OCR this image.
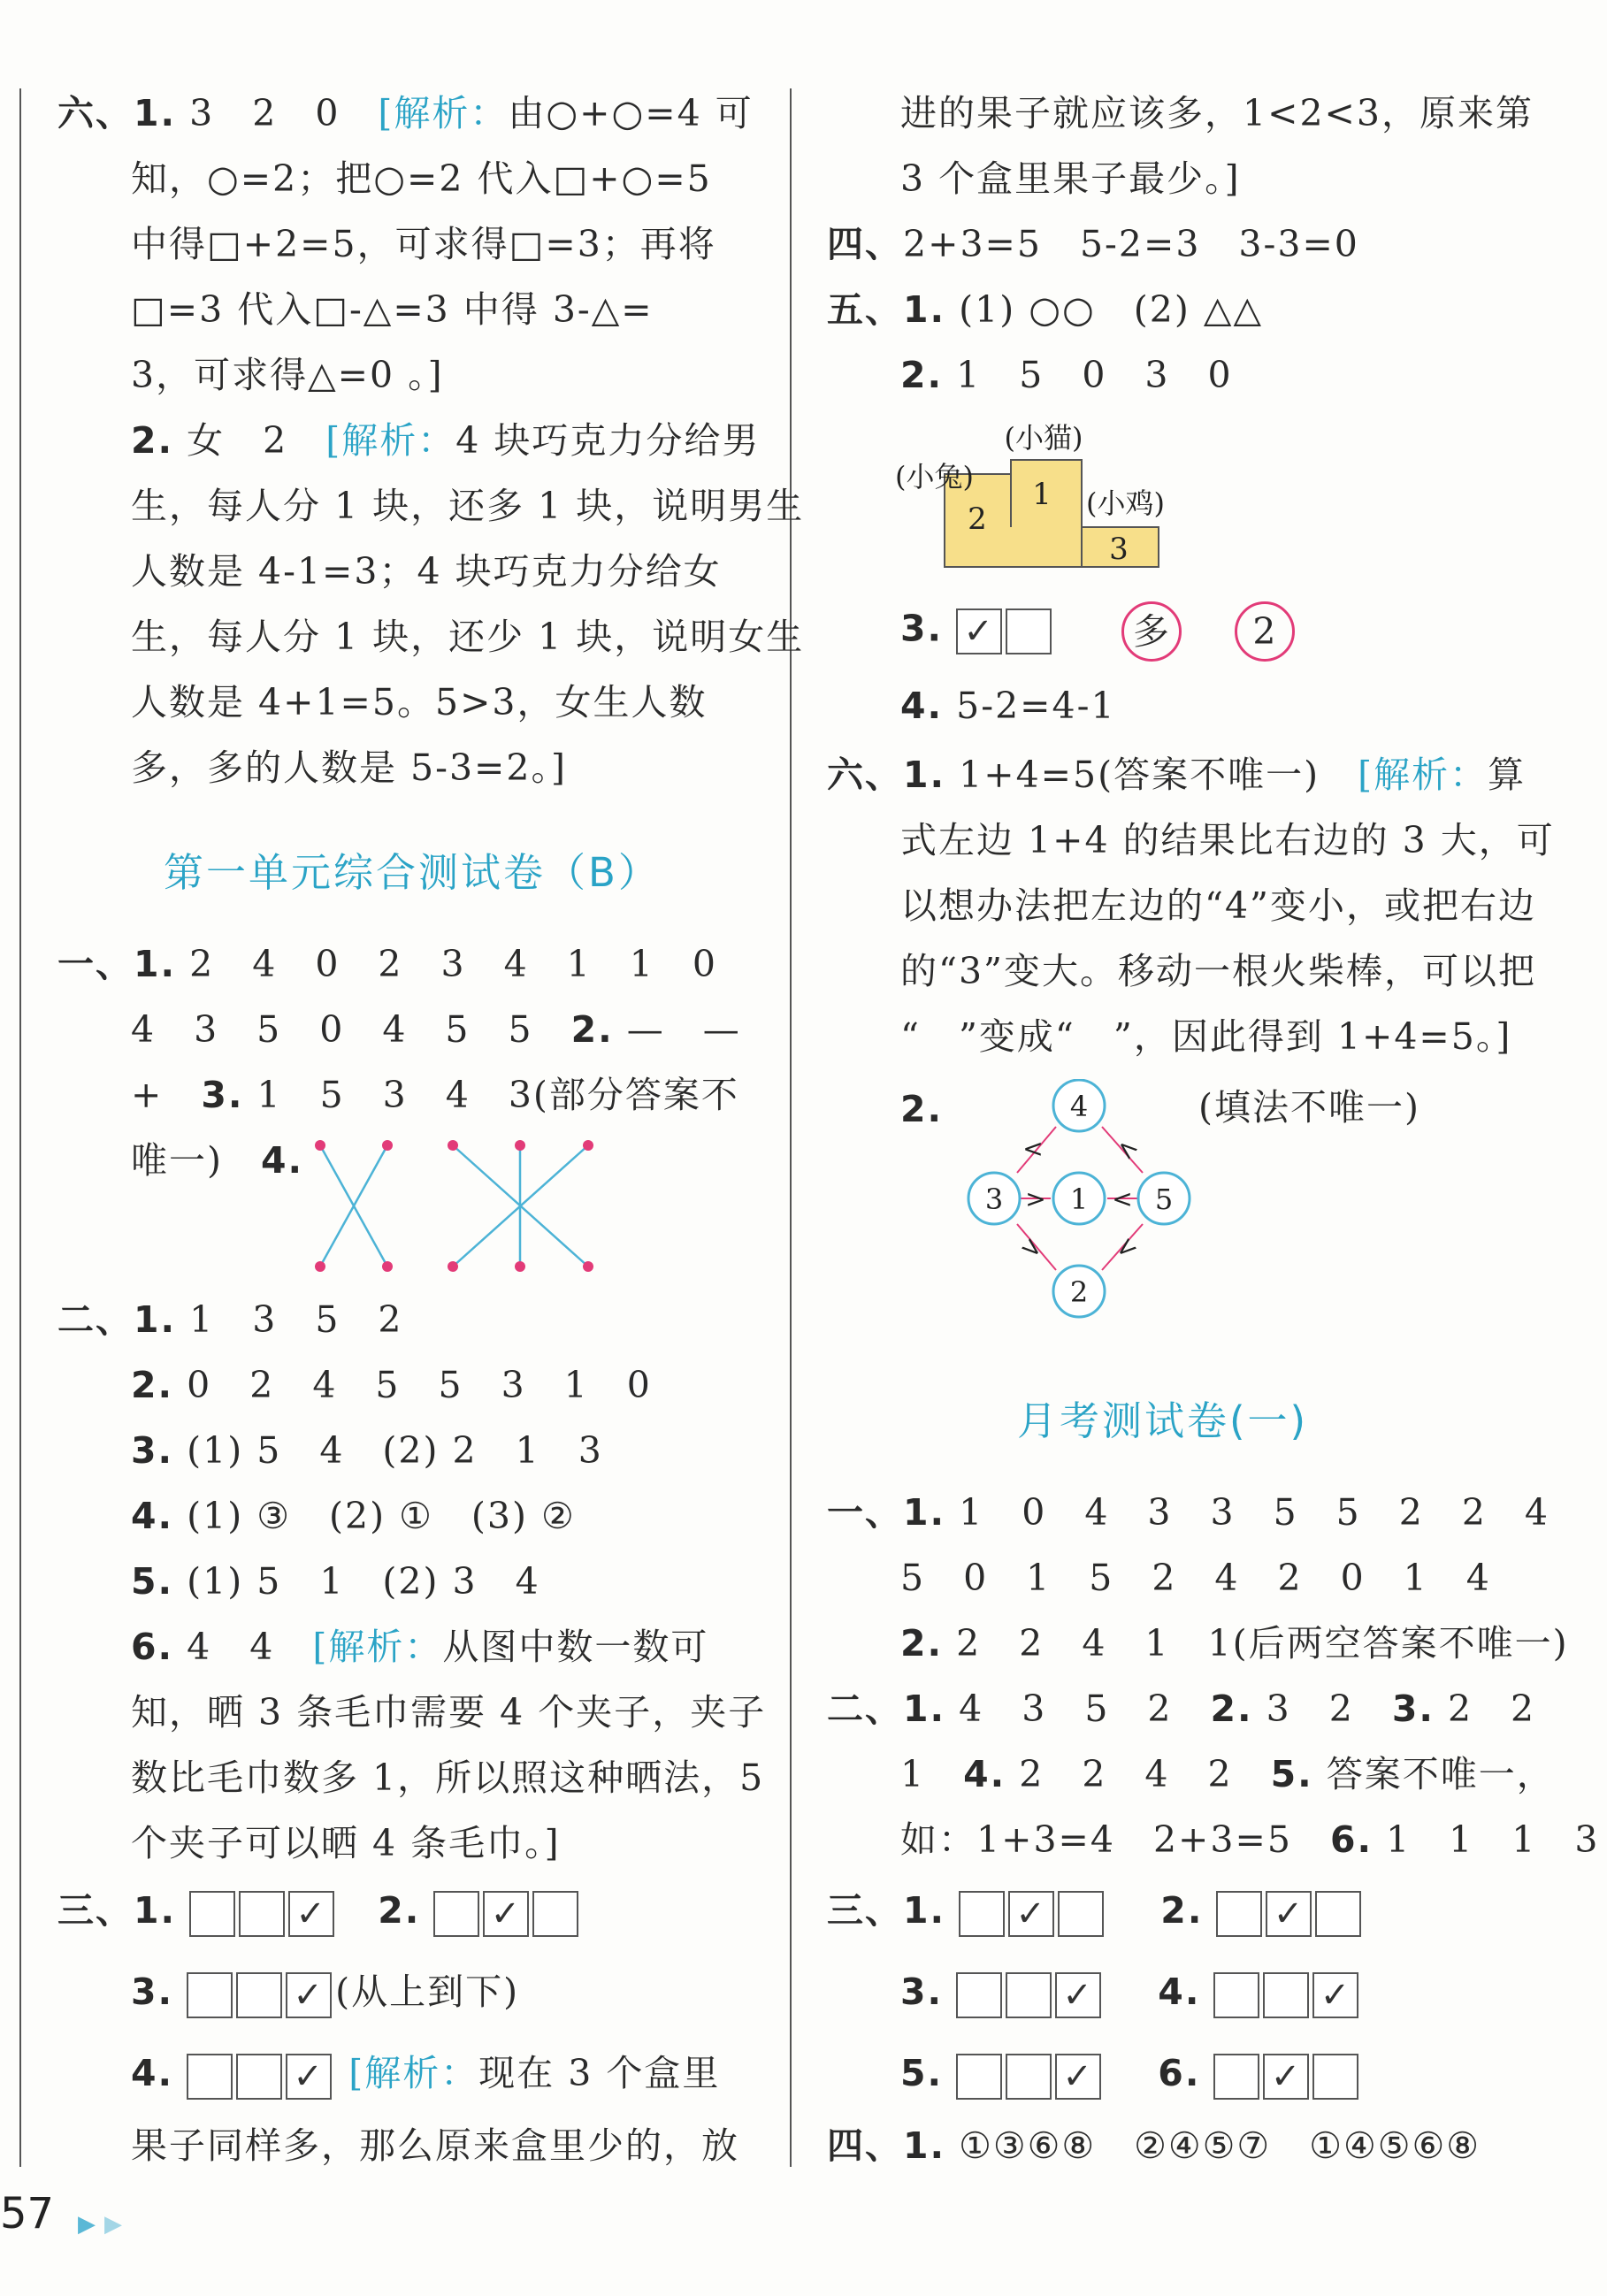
六、1. 3　2　0　[解析：由○+○=4 可
知，○=2；把○=2 代入□+○=5
中得□+2=5，可求得□=3；再将
□=3 代入□-△=3 中得 3-△=
3，可求得△=0 。]
2. 女　2　[解析：4 块巧克力分给男
生，每人分 1 块，还多 1 块，说明男生
人数是 4-1=3；4 块巧克力分给女
生，每人分 1 块，还少 1 块，说明女生
人数是 4+1=5。5>3，女生人数
多，多的人数是 5-3=2。]
第一单元综合测试卷（B）
一、1. 2　4　0　2　3　4　1　1　0
4　3　5　0　4　5　5　2. —　—
+　3. 1　5　3　4　3(部分答案不
唯一)　4.
二、1. 1　3　5　2
2. 0　2　4　5　5　3　1　0
3. (1) 5　4　(2) 2　1　3
4. (1) ③　(2) ①　(3) ②
5. (1) 5　1　(2) 3　4
6. 4　4　[解析：从图中数一数可
知，晒 3 条毛巾需要 4 个夹子，夹子
数比毛巾数多 1，所以照这种晒法，5
个夹子可以晒 4 条毛巾。]
三、1.	✓ 2. ✓
3.	✓ (从上到下)
4.	✓ [解析：现在 3 个盒里
果子同样多，那么原来盒里少的，放
57 ▶ ▶
进的果子就应该多，1<2<3，原来第
3 个盒里果子最少。]
四、2+3=5　5-2=3　3-3=0
五、1. (1) ○○　(2) △△
2. 1　5　0　3　0
1
2
3
(小猫)
(小兔)
(小鸡)
3. ✓	多 2
4. 5-2=4-1
六、1. 1+4=5(答案不唯一)　[解析：算
式左边 1+4 的结果比右边的 3 大，可
以想办法把左边的“4”变小，或把右边
的“3”变大。移动一根火柴棒，可以把
“　”变成“　”，因此得到 1+4=5。]
2.	(填法不唯一)
4
3 1 5
2
>	<
<	<
> <
月考测试卷(一)
一、1. 1　0　4　3　3　5　5　2　2　4
5　0　1　5　2　4　2　0　1　4
2. 2　2　4　1　1(后两空答案不唯一)
二、1. 4　3　5　2　2. 3　2　3. 2　2
1　4. 2　2　4　2　5. 答案不唯一，
如：1+3=4　2+3=5　6. 1　1　1　3
三、1. ✓	2. ✓
3.	✓ 4.	✓
5.	✓ 6. ✓
四、1. ①③⑥⑧　②④⑤⑦　①④⑤⑥⑧
